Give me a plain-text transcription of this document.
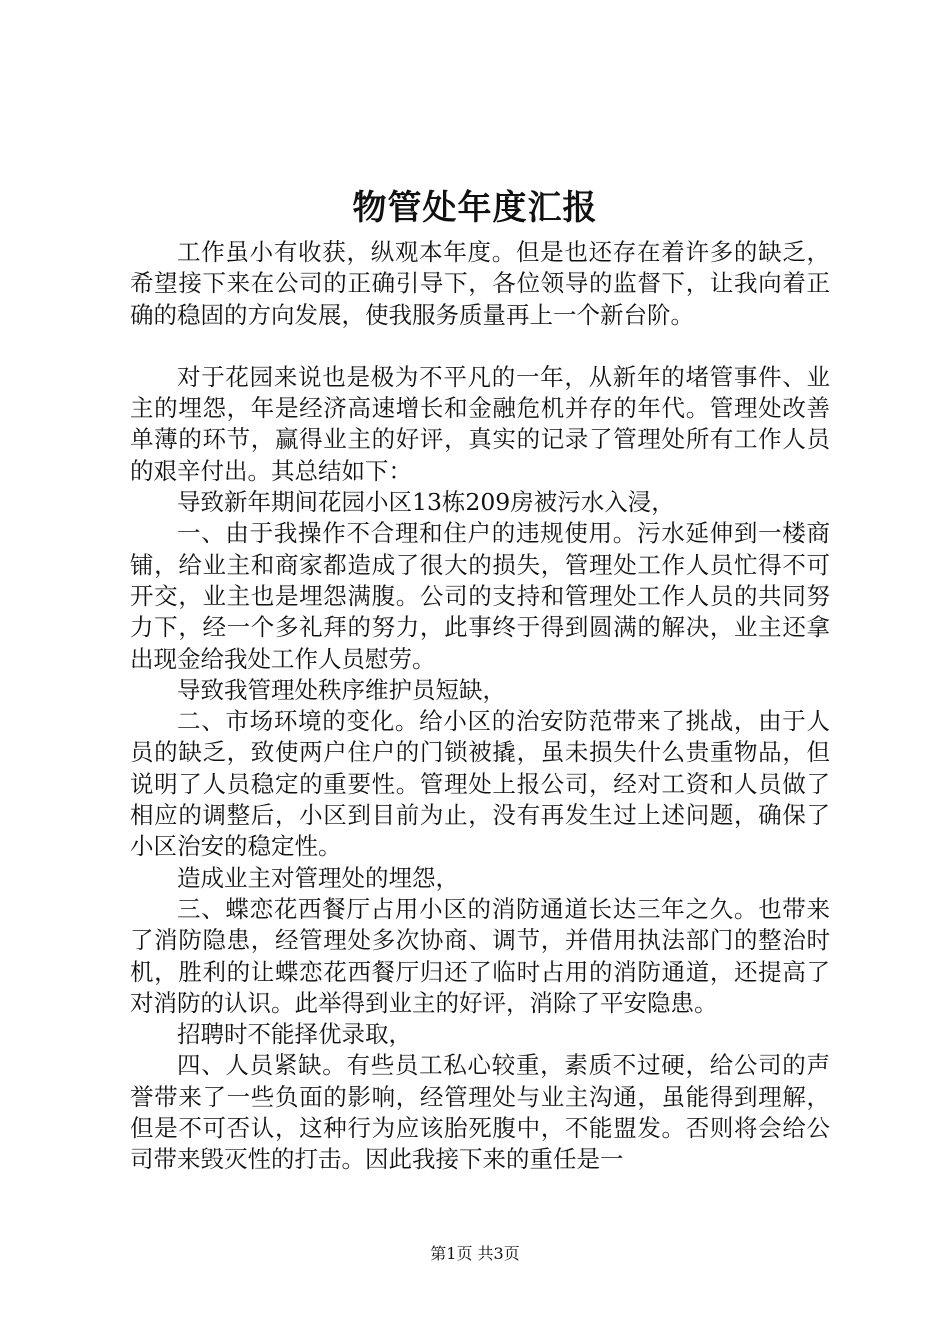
物管处年度汇报

工作虽小有收获，纵观本年度。但是也还存在着许多的缺乏，希望接下来在公司的正确引导下，各位领导的监督下，让我向着正确的稳固的方向发展，使我服务质量再上一个新台阶。

对于花园来说也是极为不平凡的一年，从新年的堵管事件、业主的埋怨，年是经济高速增长和金融危机并存的年代。管理处改善单薄的环节，赢得业主的好评，真实的记录了管理处所有工作人员的艰辛付出。其总结如下：

导致新年期间花园小区13栋209房被污水入浸，

一、由于我操作不合理和住户的违规使用。污水延伸到一楼商铺，给业主和商家都造成了很大的损失，管理处工作人员忙得不可开交，业主也是埋怨满腹。公司的支持和管理处工作人员的共同努力下，经一个多礼拜的努力，此事终于得到圆满的解决，业主还拿出现金给我处工作人员慰劳。

导致我管理处秩序维护员短缺，

二、市场环境的变化。给小区的治安防范带来了挑战，由于人员的缺乏，致使两户住户的门锁被撬，虽未损失什么贵重物品，但说明了人员稳定的重要性。管理处上报公司，经对工资和人员做了相应的调整后，小区到目前为止，没有再发生过上述问题，确保了小区治安的稳定性。

造成业主对管理处的埋怨，

三、蝶恋花西餐厅占用小区的消防通道长达三年之久。也带来了消防隐患，经管理处多次协商、调节，并借用执法部门的整治时机，胜利的让蝶恋花西餐厅归还了临时占用的消防通道，还提高了对消防的认识。此举得到业主的好评，消除了平安隐患。

招聘时不能择优录取，

四、人员紧缺。有些员工私心较重，素质不过硬，给公司的声誉带来了一些负面的影响，经管理处与业主沟通，虽能得到理解，但是不可否认，这种行为应该胎死腹中，不能盟发。否则将会给公司带来毁灭性的打击。因此我接下来的重任是一

第1页 共3页
